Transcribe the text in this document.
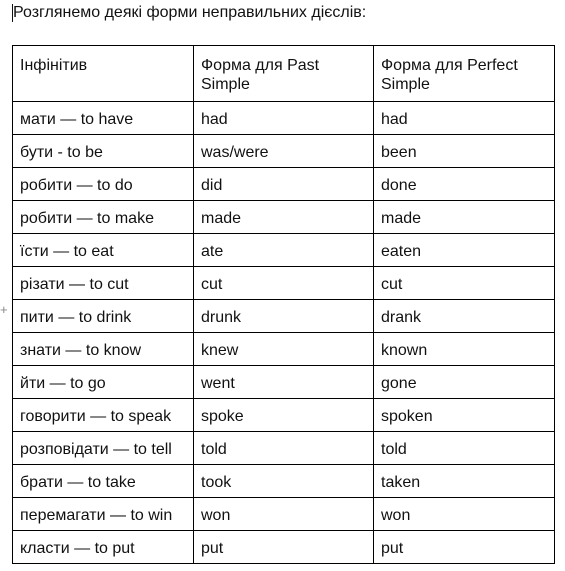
Розглянемо деякі форми неправильних дієслів:
+
Інфінітив	Форма для Past Simple	Форма для Perfect Simple
мати — to have	had	had
бути - to be	was/were	been
робити — to do	did	done
робити — to make	made	made
їсти — to eat	ate	eaten
різати — to cut	cut	cut
пити — to drink	drunk	drank
знати — to know	knew	known
йти — to go	went	gone
говорити — to speak	spoke	spoken
розповідати — to tell	told	told
брати — to take	took	taken
перемагати — to win	won	won
класти — to put	put	put
